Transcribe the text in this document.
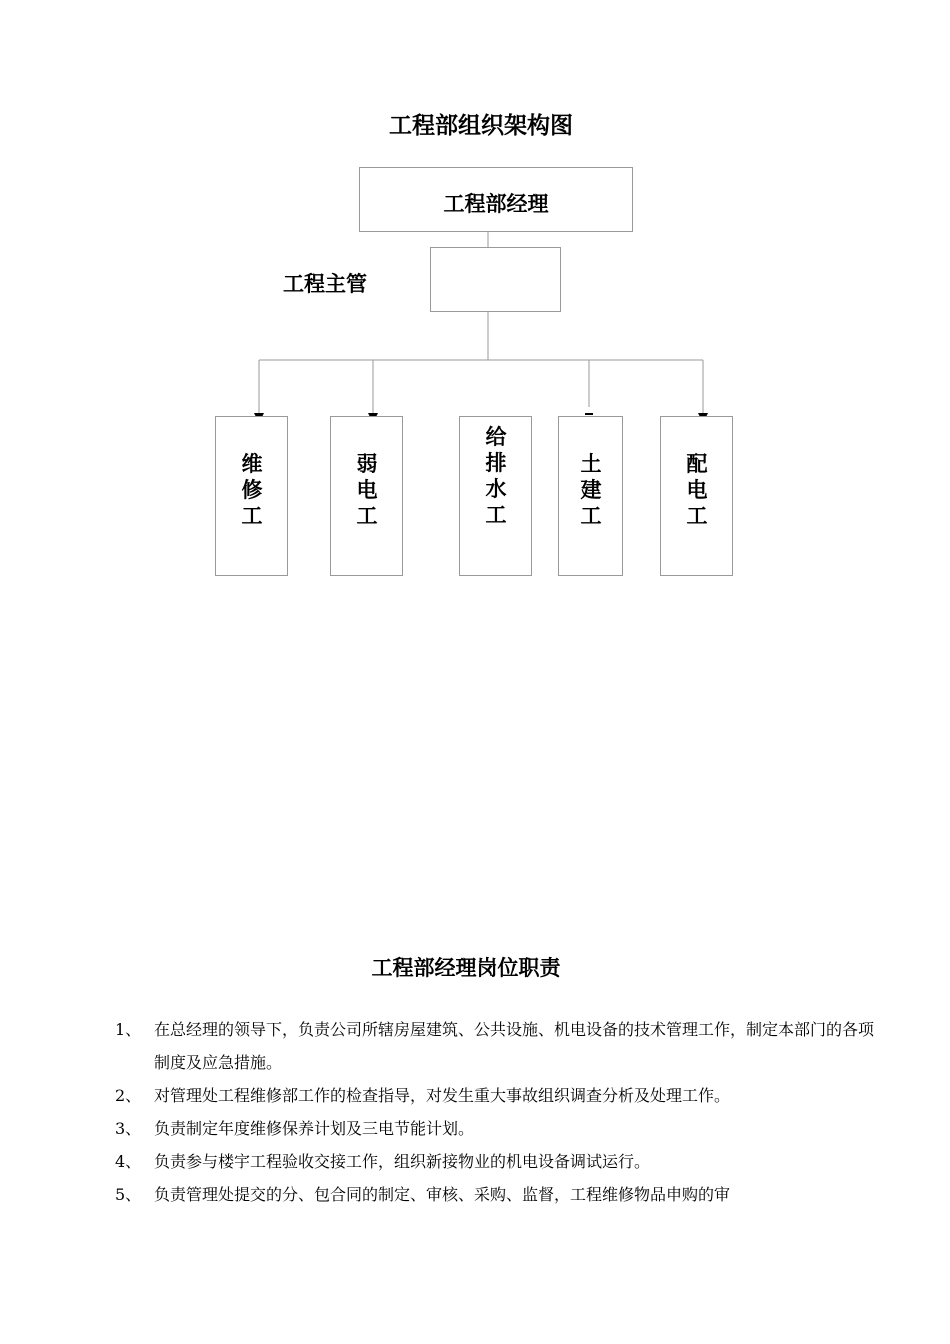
工程部组织架构图
工程部经理
工程主管
维
修
工
弱
电
工
给
排
水
工
土
建
工
配
电
工
工程部经理岗位职责
1、 在总经理的领导下，负责公司所辖房屋建筑、公共设施、机电设备的技术管理工作，制定本部门的各项制度及应急措施。
2、 对管理处工程维修部工作的检查指导，对发生重大事故组织调查分析及处理工作。
3、 负责制定年度维修保养计划及三电节能计划。
4、 负责参与楼宇工程验收交接工作，组织新接物业的机电设备调试运行。
5、 负责管理处提交的分、包合同的制定、审核、采购、监督，工程维修物品申购的审
